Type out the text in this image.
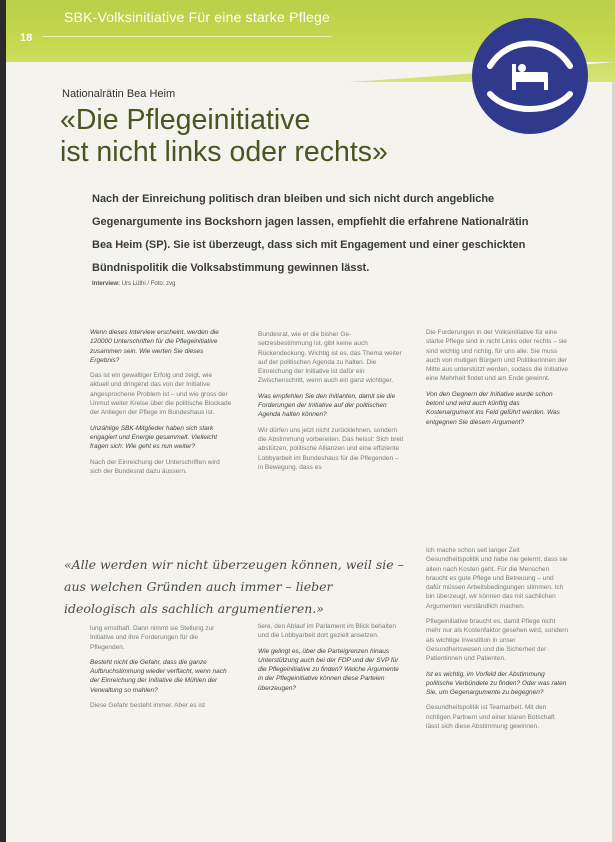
SBK-Volksinitiative Für eine starke Pflege
18
Nationalrätin Bea Heim
«Die Pflegeinitiative
ist nicht links oder rechts»
Nach der Einreichung politisch dran bleiben und sich nicht durch angebliche Gegenargumente ins Bockshorn jagen lassen, empfiehlt die erfahrene Nationalrätin Bea Heim (SP). Sie ist überzeugt, dass sich mit Engagement und einer geschickten Bündnispolitik die Volksabstimmung gewinnen lässt.
Interview: Urs Lüthi / Foto: zvg

Wenn dieses Interview erscheint, werden die 120000 Unterschriften für die Pflegeinitiative zusammen sein. Wie werten Sie dieses Ergebnis?

Das ist ein gewaltiger Erfolg und zeigt, wie aktuell und dringend das von der Initiative angesprochene Problem ist – und wie gross der Unmut weiter Kreise über die politische Blockade der Anliegen der Pflege im Bundeshaus ist.

Unzählige SBK-Mitglieder haben sich stark engagiert und Energie gesammelt. Vielleicht fragen sich: Wie geht es nun weiter?

Nach der Einreichung der Unterschriften wird sich der Bundesrat dazu äussern.

Bundesrat, wie er die bisher Ge- setzesbestimmung ist, gibt keine auch Rückendeckung. Wichtig ist es, das Thema weiter auf der politischen Agenda zu halten. Die Einreichung der Initiative ist dafür ein Zwischenschritt, wenn auch ein ganz wichtiger.

Was empfehlen Sie den Initianten, damit sie die Forderungen der Initiative auf der politischen Agenda halten können?

Wir dürfen uns jetzt nicht zurücklehnen, sondern die Abstimmung vorbereiten. Das heisst: Sich breit abstützen, politische Allianzen und eine effiziente Lobbyarbeit im Bundeshaus für die Pflegenden – in Bewegung, dass es

Die Forderungen in der Volksinitiative für eine starke Pflege sind in nicht Links oder rechts – sie sind wichtig und richtig, für uns alle. Sie muss auch von mutigen Bürgern und Politikerinnen der Mitte aus unterstützt werden, sodass die Initiative eine Mehrheit findet und am Ende gewinnt.

Von den Gegnern der Initiative wurde schon betont und wird auch künftig das Kostenargument ins Feld geführt werden. Was entgegnen Sie diesem Argument?

«Alle werden wir nicht überzeugen können, weil sie – aus welchen Gründen auch immer – lieber ideologisch als sachlich argumentieren.»

Ich mache schon seit langer Zeit Gesundheitspolitik und habe nie gelernt, dass sie allein nach Kosten geht. Für die Menschen braucht es gute Pflege und Betreuung – und dafür müssen Arbeitsbedingungen stimmen. Ich bin überzeugt, wir können das mit sachlichen Argumenten verständlich machen.

Pflegeinitiative braucht es, damit Pflege nicht mehr nur als Kostenfaktor gesehen wird, sondern als wichtige Investition in unser Gesundheitswesen und die Sicherheit der Patientinnen und Patienten.

Ist es wichtig, im Vorfeld der Abstimmung politische Verbündete zu finden? Oder was raten Sie, um Gegenargumente zu begegnen?

Gesundheitspolitik ist Teamarbeit. Mit den richtigen Partnern und einer klaren Botschaft lässt sich diese Abstimmung gewinnen.

lung ernsthaft. Dann nimmt sie Stellung zur Initiative und ihre Forderungen für die Pflegenden.

Besteht nicht die Gefahr, dass die ganze Aufbruchstimmung wieder verflacht, wenn nach der Einreichung der Initiative die Mühlen der Verwaltung so mahlen?

Diese Gefahr besteht immer. Aber es ist

tiere, den Ablauf im Parlament im Blick behalten und die Lobbyarbeit dort gezielt ansetzen.

Wie gelingt es, über die Parteigrenzen hinaus Unterstützung auch bei der FDP und der SVP für die Pflegeinitiative zu finden? Welche Argumente in der Pflegeinitiative können diese Parteien überzeugen?
